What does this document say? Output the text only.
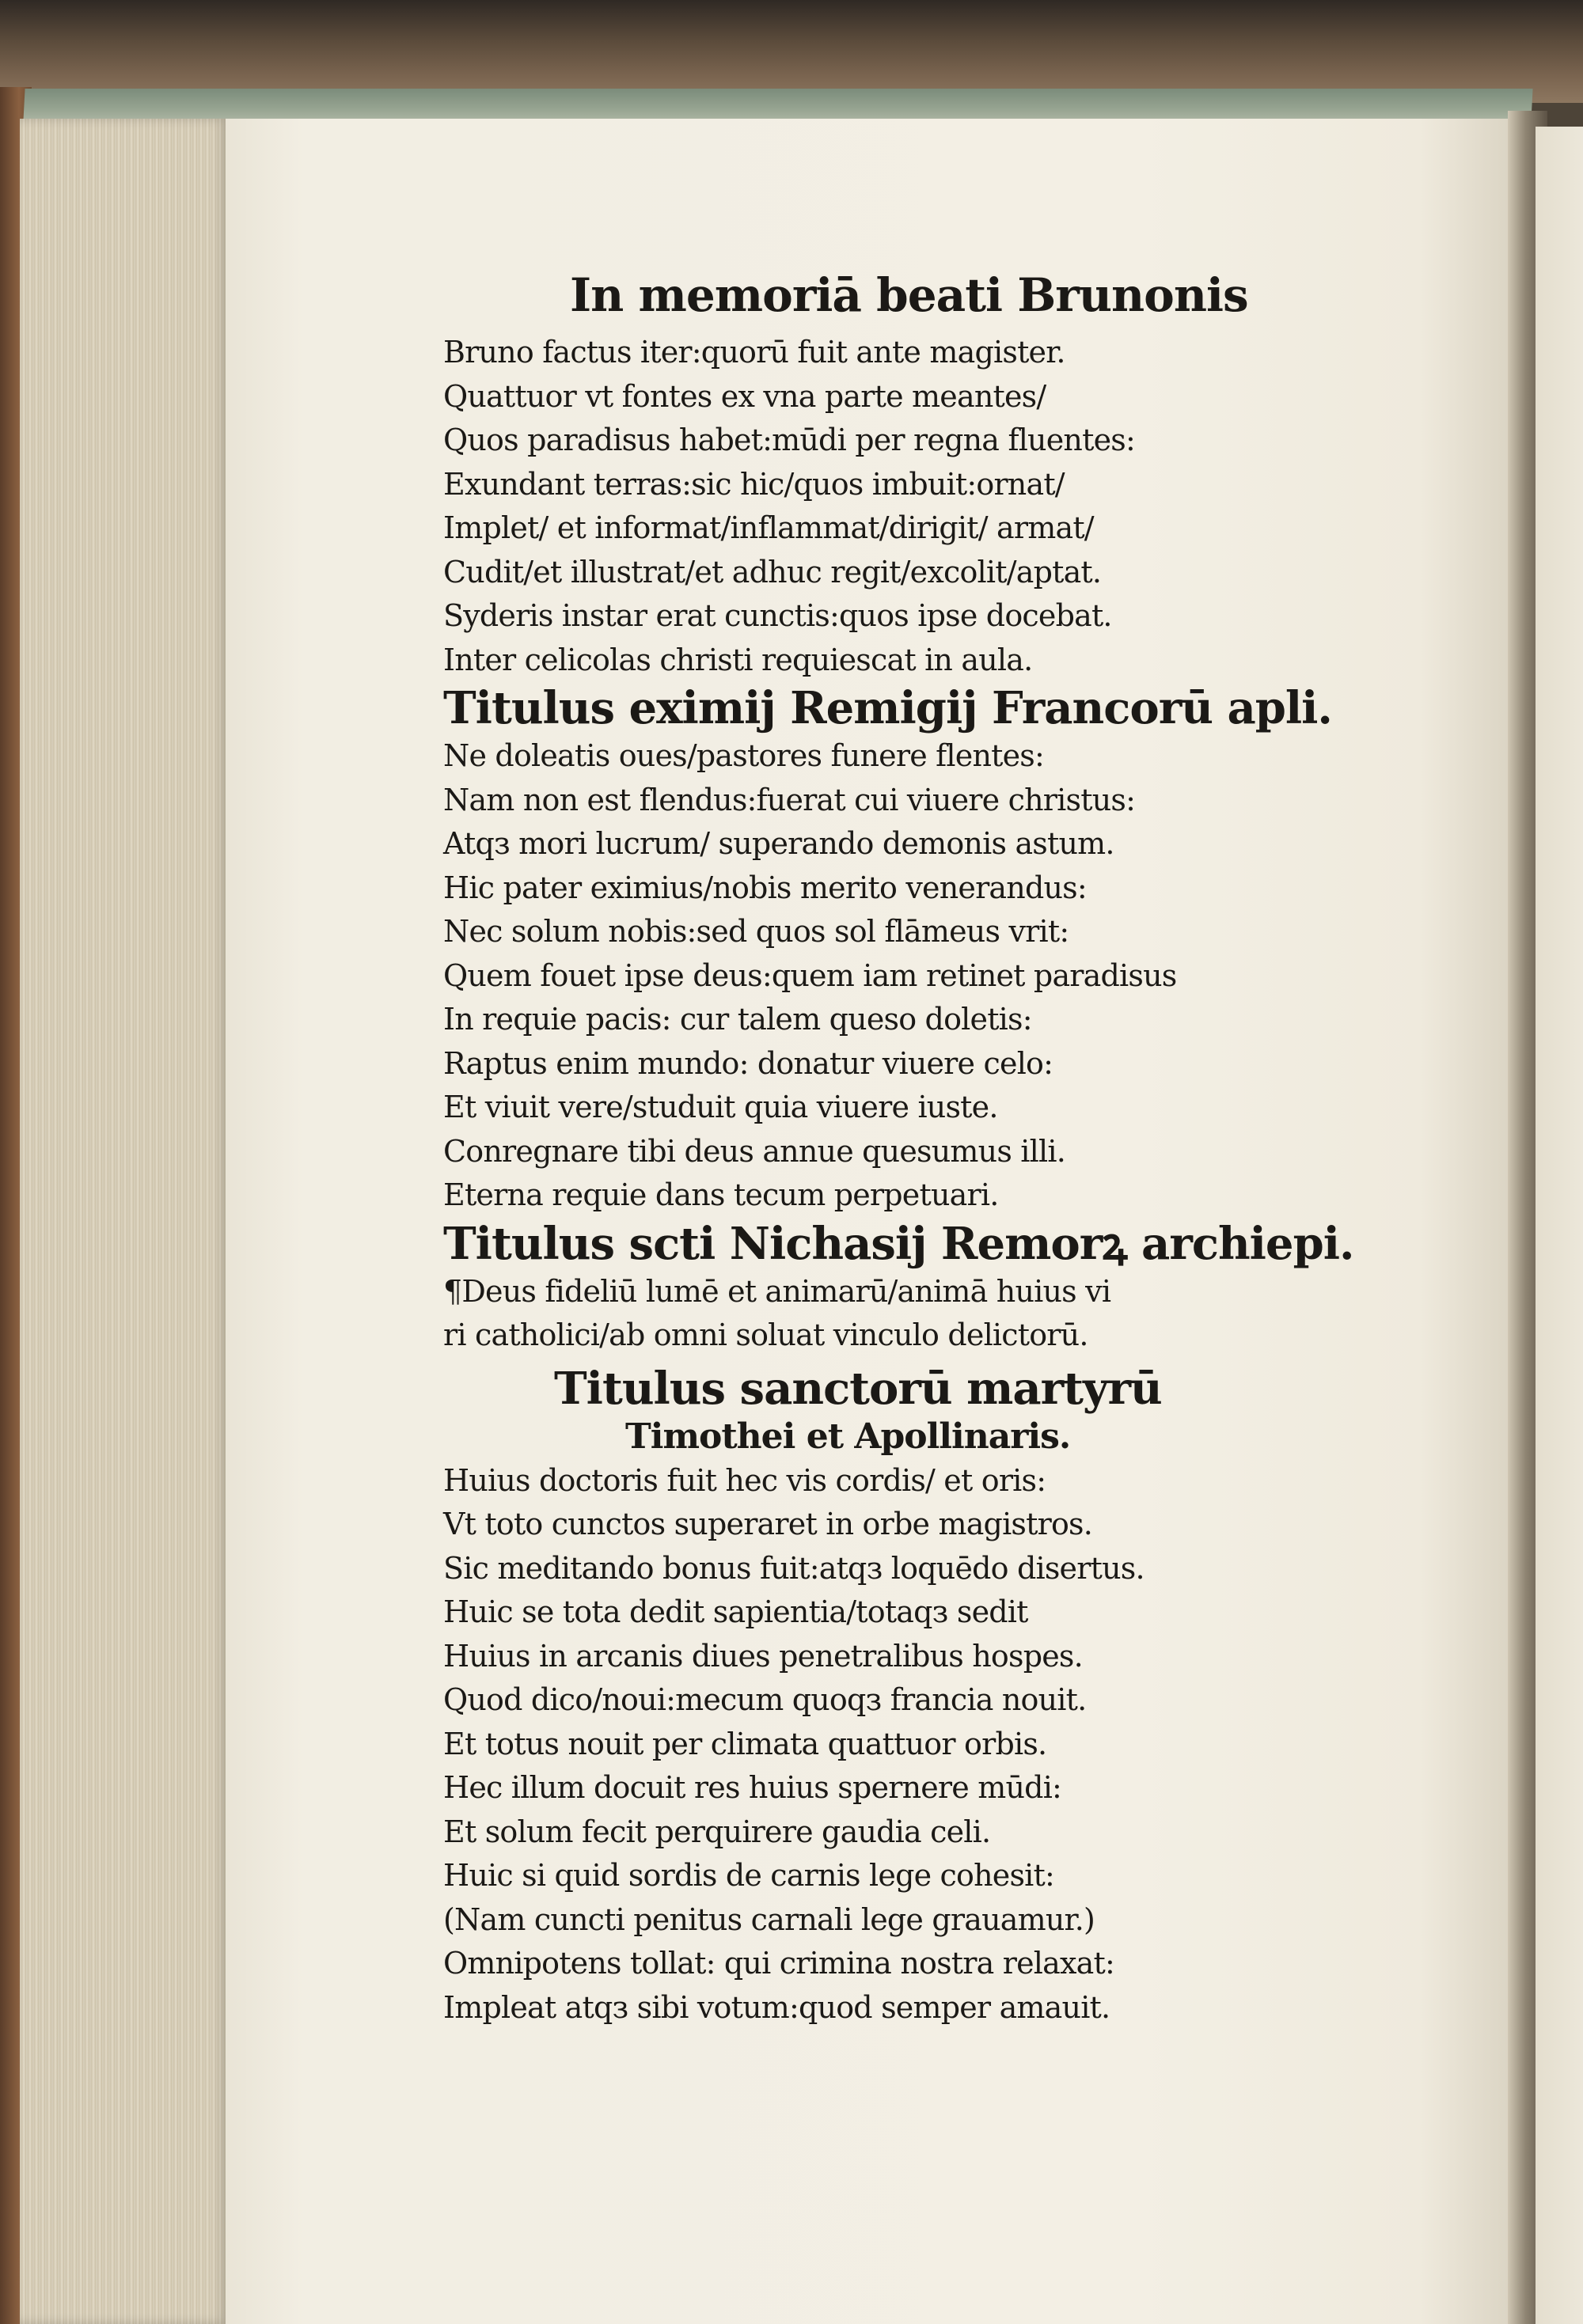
In memoriā beati Brunonis
Bruno factus iter:quorū fuit ante magister.
Quattuor vt fontes ex vna parte meantes/
Quos paradisus habet:mūdi per regna fluentes:
Exundant terras:sic hic/quos imbuit:ornat/
Implet/ et informat/inflammat/dirigit/ armat/
Cudit/et illustrat/et adhuc regit/excolit/aptat.
Syderis instar erat cunctis:quos ipse docebat.
Inter celicolas christi requiescat in aula.
Titulus eximij Remigij Francorū apli.
Ne doleatis oues/pastores funere flentes:
Nam non est flendus:fuerat cui viuere christus:
Atqз mori lucrum/ superando demonis astum.
Hic pater eximius/nobis merito venerandus:
Nec solum nobis:sed quos sol flāmeus vrit:
Quem fouet ipse deus:quem iam retinet paradisus
In requie pacis: cur talem queso doletis:
Raptus enim mundo: donatur viuere celo:
Et viuit vere/studuit quia viuere iuste.
Conregnare tibi deus annue quesumus illi.
Eterna requie dans tecum perpetuari.
Titulus scti Nichasij Remorꝝ archiepi.
¶Deus fideliū lumē et animarū/animā huius vi
ri catholici/ab omni soluat vinculo delictorū.
Titulus sanctorū martyrū
Timothei et Apollinaris.
Huius doctoris fuit hec vis cordis/ et oris:
Vt toto cunctos superaret in orbe magistros.
Sic meditando bonus fuit:atqз loquēdo disertus.
Huic se tota dedit sapientia/totaqз sedit
Huius in arcanis diues penetralibus hospes.
Quod dico/noui:mecum quoqз francia nouit.
Et totus nouit per climata quattuor orbis.
Hec illum docuit res huius spernere mūdi:
Et solum fecit perquirere gaudia celi.
Huic si quid sordis de carnis lege cohesit:
(Nam cuncti penitus carnali lege grauamur.)
Omnipotens tollat: qui crimina nostra relaxat:
Impleat atqз sibi votum:quod semper amauit.
